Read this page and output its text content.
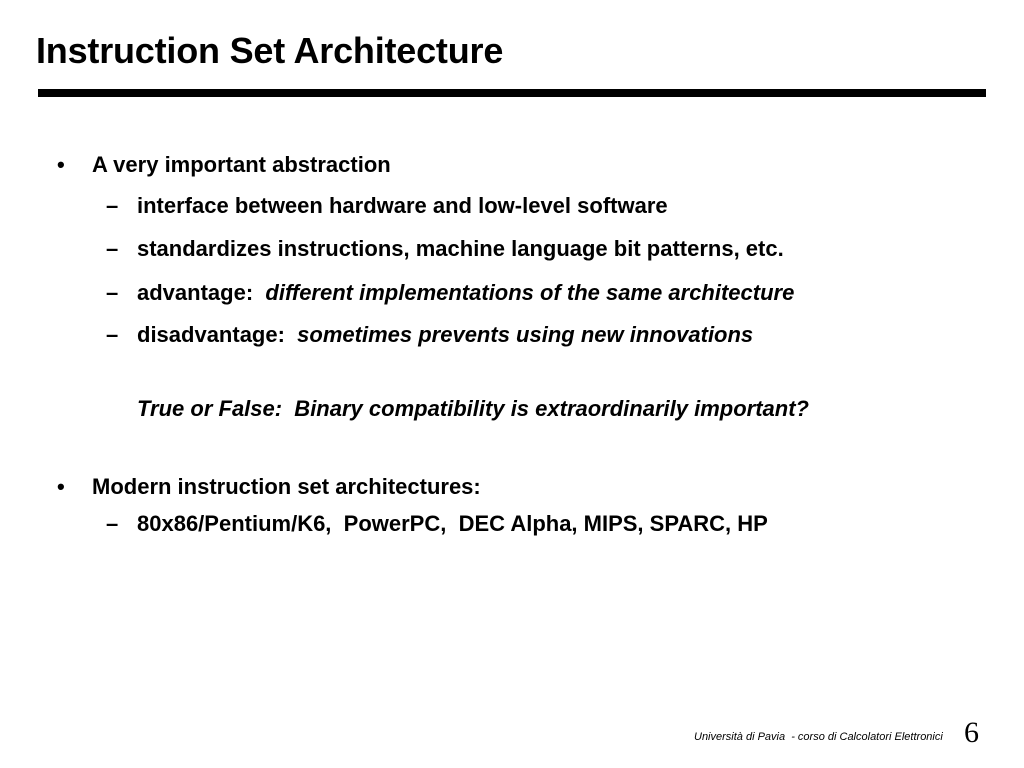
Instruction Set Architecture
• A very important abstraction
– interface between hardware and low-level software
– standardizes instructions, machine language bit patterns, etc.
– advantage: different implementations of the same architecture
– disadvantage: sometimes prevents using new innovations
True or False:  Binary compatibility is extraordinarily important?
• Modern instruction set architectures:
– 80x86/Pentium/K6,  PowerPC,  DEC Alpha, MIPS, SPARC, HP
Università di Pavia  - corso di Calcolatori Elettronici 6
